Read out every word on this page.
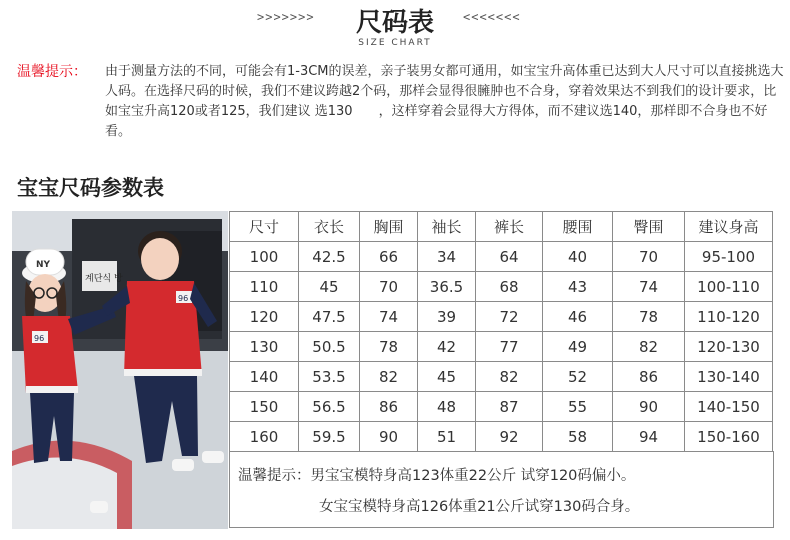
>>>>>>>	尺码表	<<<<<<<
SIZE CHART
温馨提示： 由于测量方法的不同，可能会有1-3CM的误差，亲子装男女都可通用，如宝宝升高体重已达到大人尺寸可以直接挑选大人码。在选择尺码的时候，我们不建议跨越2个码，那样会显得很臃肿也不合身，穿着效果达不到我们的设计要求，比如宝宝升高120或者125，我们建议 选130　　，这样穿着会显得大方得体，而不建议选140，那样即不合身也不好看。
宝宝尺码参数表
계단식 방
NY
96
96
尺寸	衣长	胸围	袖长	裤长	腰围	臀围	建议身高
100	42.5	66	34	64	40	70	95-100
110	45	70	36.5	68	43	74	100-110
120	47.5	74	39	72	46	78	110-120
130	50.5	78	42	77	49	82	120-130
140	53.5	82	45	82	52	86	130-140
150	56.5	86	48	87	55	90	140-150
160	59.5	90	51	92	58	94	150-160
温馨提示：男宝宝模特身高123体重22公斤 试穿120码偏小。
女宝宝模特身高126体重21公斤试穿130码合身。
